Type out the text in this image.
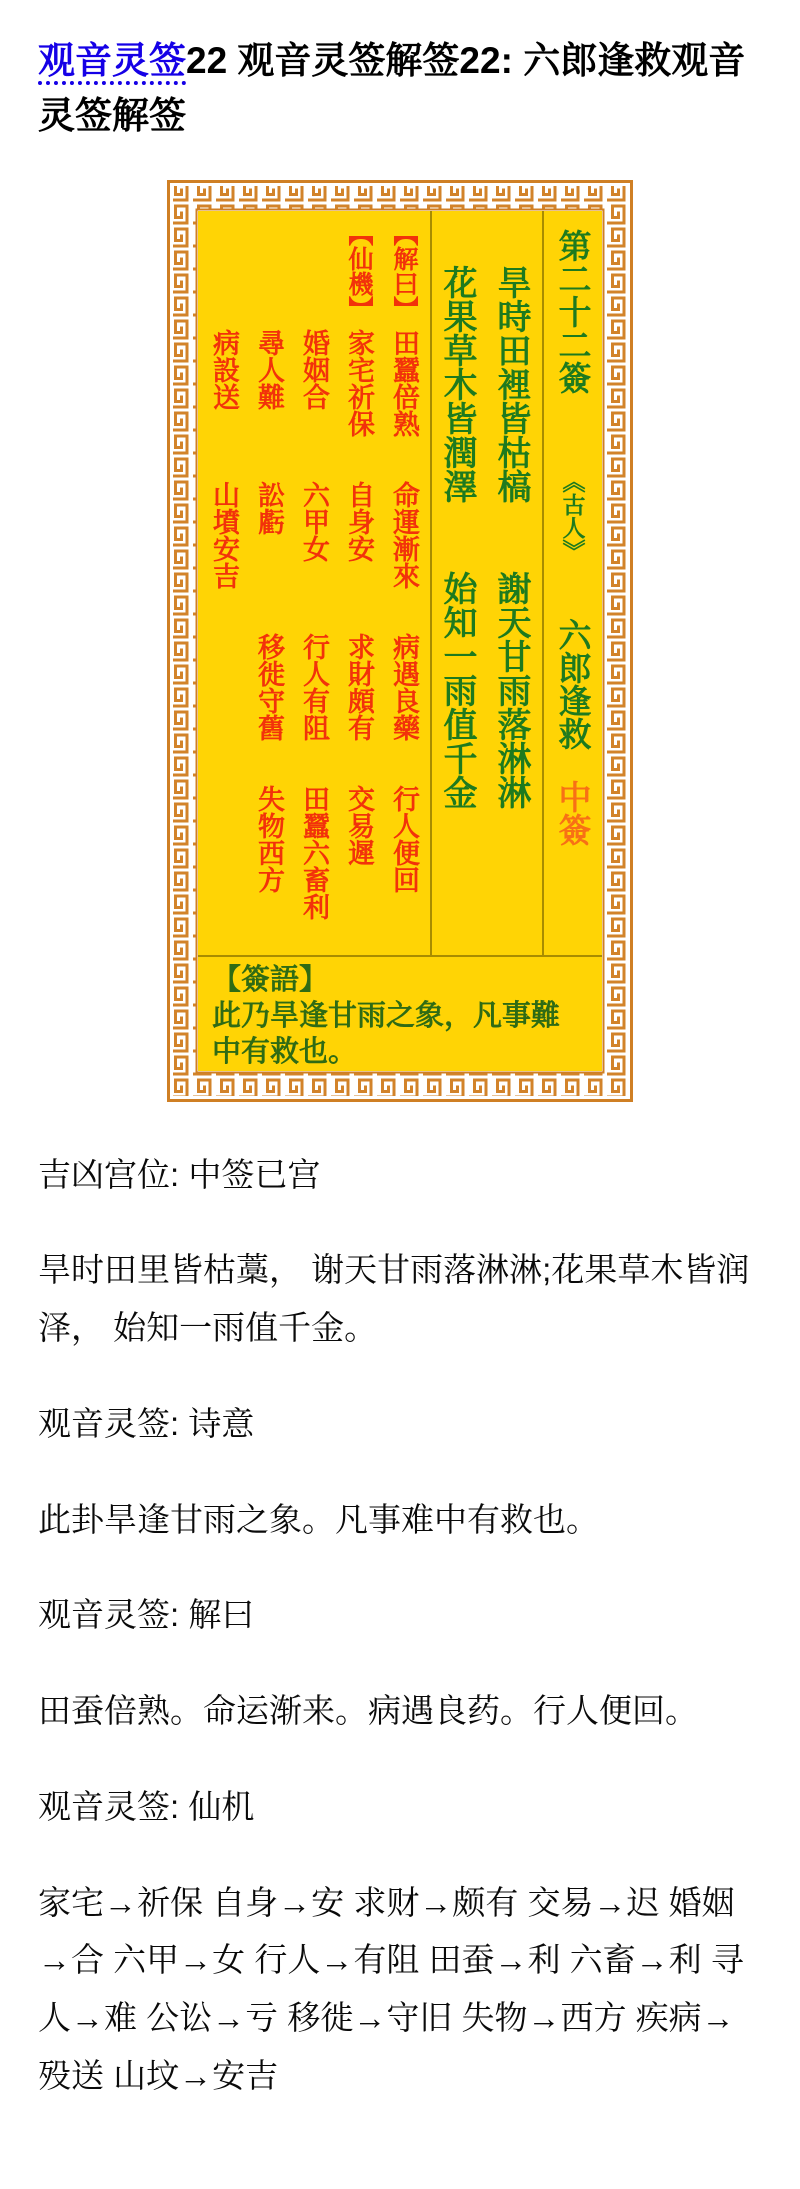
观音灵签22 观音灵签解签22: 六郎逢救观音灵签解签
【解曰】
田蠶倍熟
命運漸來
病遇良藥
行人便回
【仙機】
家宅祈保
自身安
求財頗有
交易遲
婚姻合
六甲女
行人有阻
田蠶六畜利
尋人難
訟虧
移徙守舊
失物西方
病設送
山墳安吉
旱時田裡皆枯槁謝天甘雨落淋淋
花果草木皆潤澤始知一雨值千金
第二十二簽
《古人》
六郎逢救
中簽
【簽語】
此乃旱逢甘雨之象，凡事難中有救也。

吉凶宫位: 中签已宫

旱时田里皆枯藁， 谢天甘雨落淋淋;花果草木皆润泽， 始知一雨值千金。

观音灵签: 诗意

此卦旱逢甘雨之象。凡事难中有救也。

观音灵签: 解曰

田蚕倍熟。命运渐来。病遇良药。行人便回。

观音灵签: 仙机

家宅→祈保 自身→安 求财→颇有 交易→迟 婚姻→合 六甲→女 行人→有阻 田蚕→利 六畜→利 寻人→难 公讼→亏 移徙→守旧 失物→西方 疾病→殁送 山坟→安吉
